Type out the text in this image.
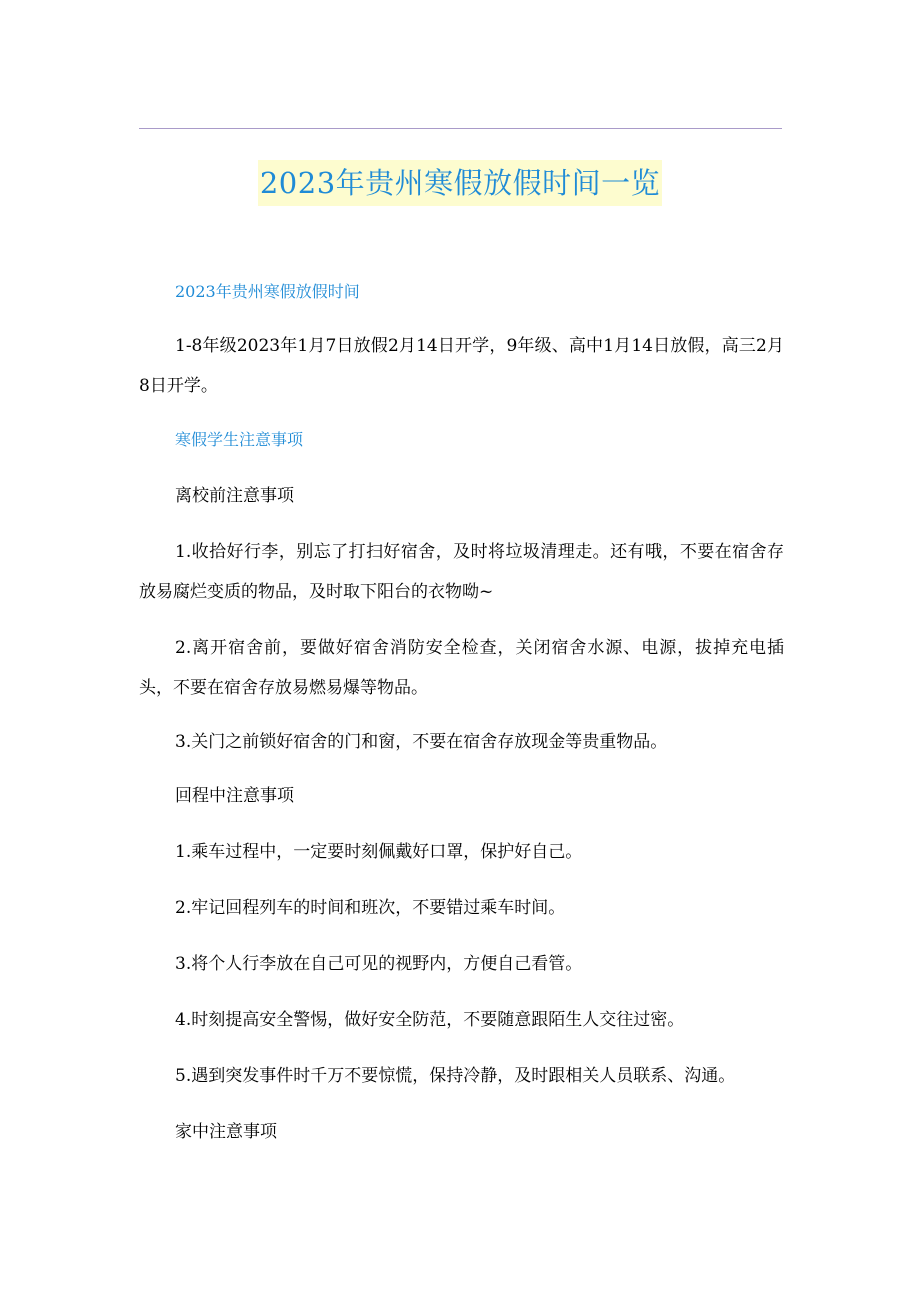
2023年贵州寒假放假时间一览

2023年贵州寒假放假时间

1-8年级2023年1月7日放假2月14日开学，9年级、高中1月14日放假，高三2月8日开学。

寒假学生注意事项

离校前注意事项

1.收拾好行李，别忘了打扫好宿舍，及时将垃圾清理走。还有哦，不要在宿舍存放易腐烂变质的物品，及时取下阳台的衣物呦~

2.离开宿舍前，要做好宿舍消防安全检查，关闭宿舍水源、电源，拔掉充电插头，不要在宿舍存放易燃易爆等物品。

3.关门之前锁好宿舍的门和窗，不要在宿舍存放现金等贵重物品。

回程中注意事项

1.乘车过程中，一定要时刻佩戴好口罩，保护好自己。

2.牢记回程列车的时间和班次，不要错过乘车时间。

3.将个人行李放在自己可见的视野内，方便自己看管。

4.时刻提高安全警惕，做好安全防范，不要随意跟陌生人交往过密。

5.遇到突发事件时千万不要惊慌，保持冷静，及时跟相关人员联系、沟通。

家中注意事项
